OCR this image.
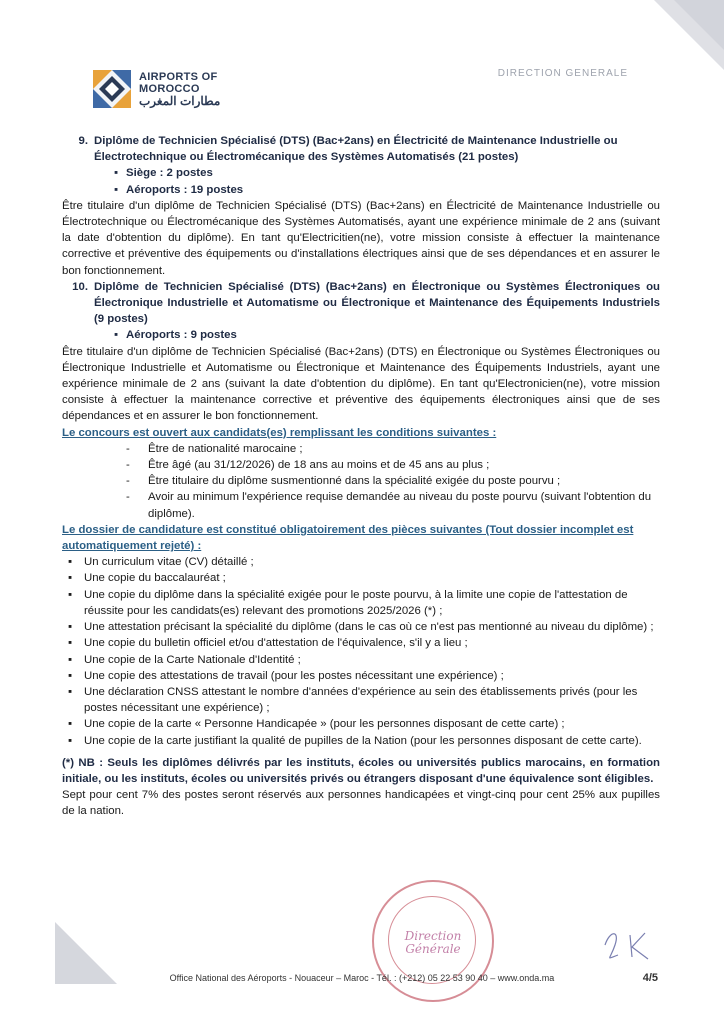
AIRPORTS OF MOROCCO
مطارات المغرب
DIRECTION GENERALE
9. Diplôme de Technicien Spécialisé (DTS) (Bac+2ans) en Électricité de Maintenance Industrielle ou Électrotechnique ou Électromécanique des Systèmes Automatisés (21 postes)
▪ Siège : 2 postes
▪ Aéroports : 19 postes
Être titulaire d'un diplôme de Technicien Spécialisé (DTS) (Bac+2ans) en Électricité de Maintenance Industrielle ou Électrotechnique ou Électromécanique des Systèmes Automatisés, ayant une expérience minimale de 2 ans (suivant la date d'obtention du diplôme). En tant qu'Electricitien(ne), votre mission consiste à effectuer la maintenance corrective et préventive des équipements ou d'installations électriques ainsi que de ses dépendances et en assurer le bon fonctionnement.
10. Diplôme de Technicien Spécialisé (DTS) (Bac+2ans) en Électronique ou Systèmes Électroniques ou Électronique Industrielle et Automatisme ou Électronique et Maintenance des Équipements Industriels (9 postes)
▪ Aéroports : 9 postes
Être titulaire d'un diplôme de Technicien Spécialisé (Bac+2ans) (DTS) en Électronique ou Systèmes Électroniques ou Électronique Industrielle et Automatisme ou Électronique et Maintenance des Équipements Industriels, ayant une expérience minimale de 2 ans (suivant la date d'obtention du diplôme). En tant qu'Electronicien(ne), votre mission consiste à effectuer la maintenance corrective et préventive des équipements électroniques ainsi que de ses dépendances et en assurer le bon fonctionnement.
Le concours est ouvert aux candidats(es) remplissant les conditions suivantes :
- Être de nationalité marocaine ;
- Être âgé (au 31/12/2026) de 18 ans au moins et de 45 ans au plus ;
- Être titulaire du diplôme susmentionné dans la spécialité exigée du poste pourvu ;
- Avoir au minimum l'expérience requise demandée au niveau du poste pourvu (suivant l'obtention du diplôme).
Le dossier de candidature est constitué obligatoirement des pièces suivantes (Tout dossier incomplet est automatiquement rejeté) :
▪ Un curriculum vitae (CV) détaillé ;
▪ Une copie du baccalauréat ;
▪ Une copie du diplôme dans la spécialité exigée pour le poste pourvu, à la limite une copie de l'attestation de réussite pour les candidats(es) relevant des promotions 2025/2026 (*) ;
▪ Une attestation précisant la spécialité du diplôme (dans le cas où ce n'est pas mentionné au niveau du diplôme) ;
▪ Une copie du bulletin officiel et/ou d'attestation de l'équivalence, s'il y a lieu ;
▪ Une copie de la Carte Nationale d'Identité ;
▪ Une copie des attestations de travail (pour les postes nécessitant une expérience) ;
▪ Une déclaration CNSS attestant le nombre d'années d'expérience au sein des établissements privés (pour les postes nécessitant une expérience) ;
▪ Une copie de la carte « Personne Handicapée » (pour les personnes disposant de cette carte) ;
▪ Une copie de la carte justifiant la qualité de pupilles de la Nation (pour les personnes disposant de cette carte).
(*) NB : Seuls les diplômes délivrés par les instituts, écoles ou universités publics marocains, en formation initiale, ou les instituts, écoles ou universités privés ou étrangers disposant d'une équivalence sont éligibles.
Sept pour cent 7% des postes seront réservés aux personnes handicapées et vingt-cinq pour cent 25% aux pupilles de la nation.
Direction Générale
Office National des Aéroports - Nouaceur – Maroc - Tél. : (+212) 05 22 53 90 40 – www.onda.ma	4/5
